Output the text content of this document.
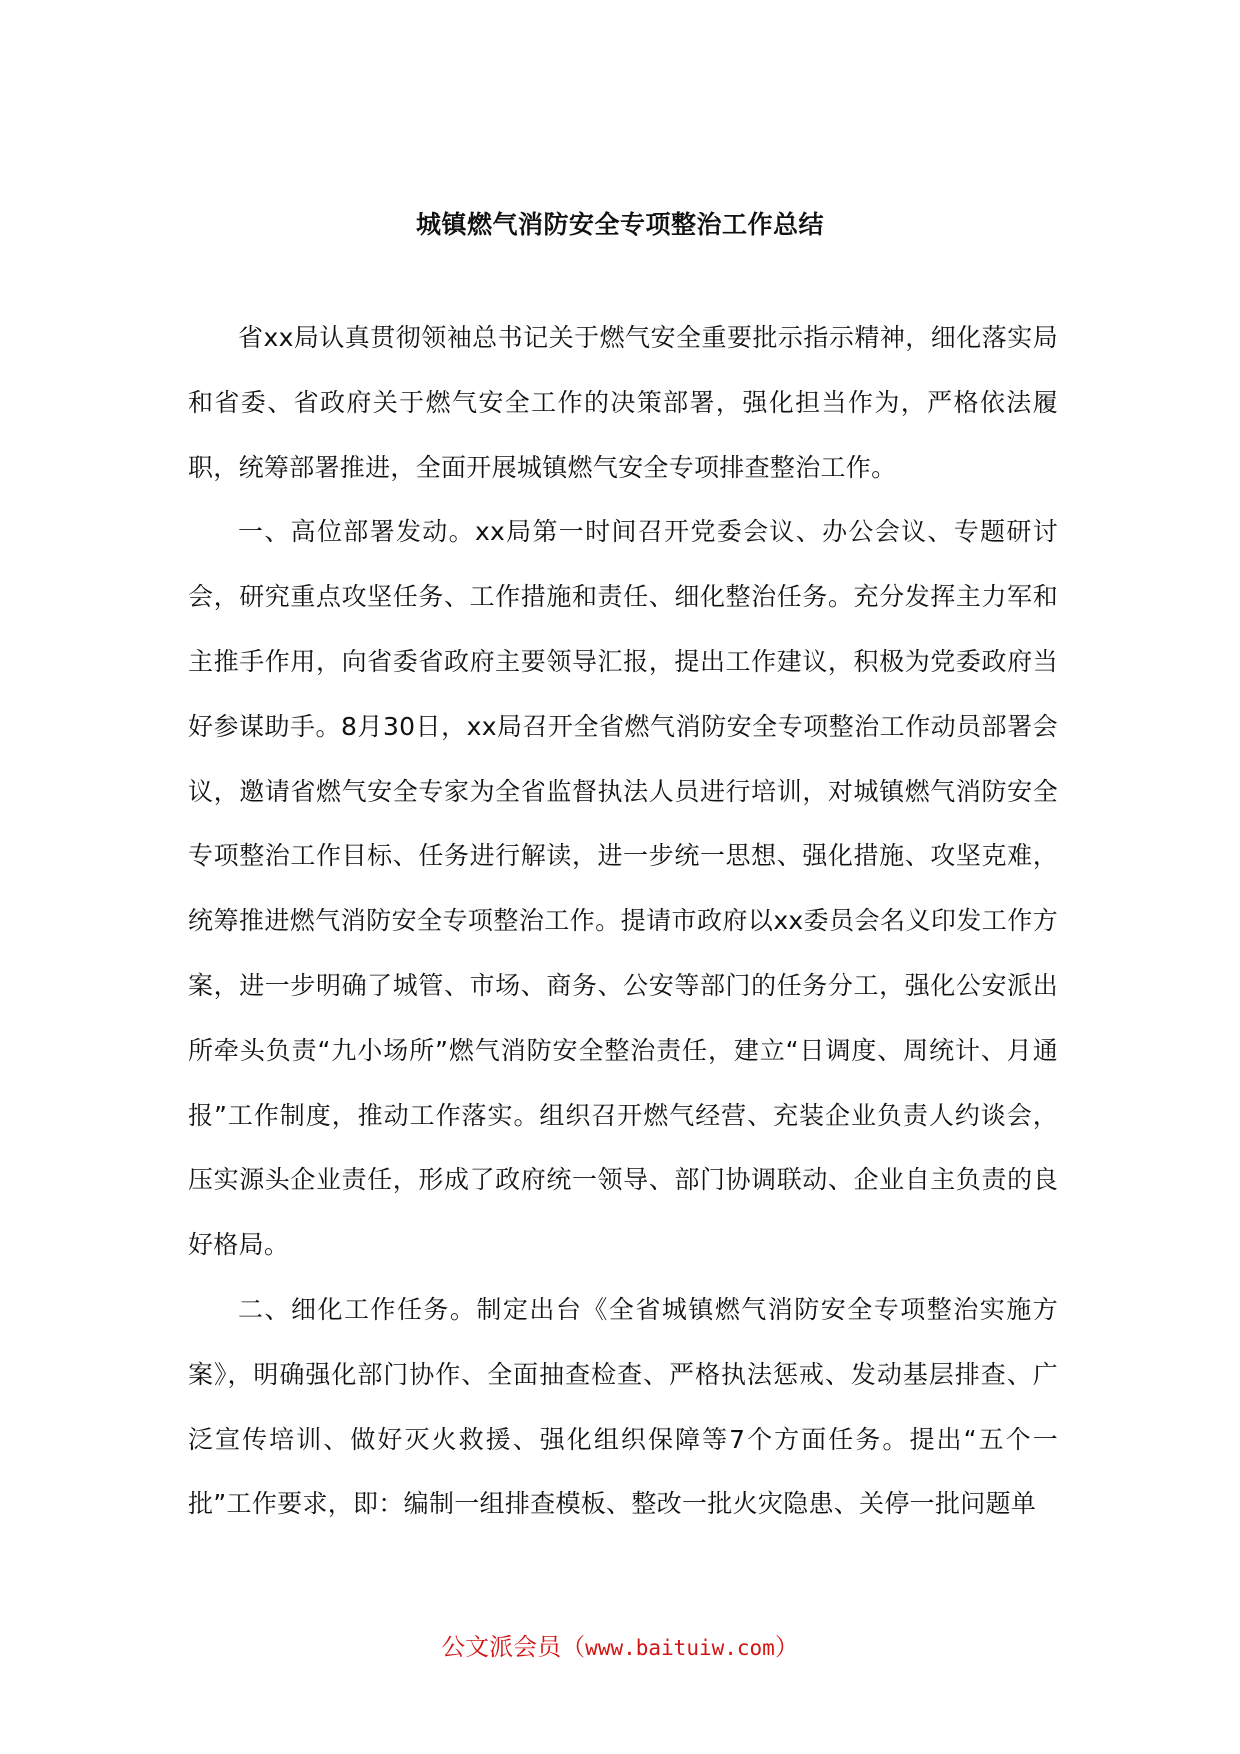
城镇燃气消防安全专项整治工作总结

省xx局认真贯彻领袖总书记关于燃气安全重要批示指示精神，细化落实局和省委、省政府关于燃气安全工作的决策部署，强化担当作为，严格依法履职，统筹部署推进，全面开展城镇燃气安全专项排查整治工作。

一、高位部署发动。xx局第一时间召开党委会议、办公会议、专题研讨会，研究重点攻坚任务、工作措施和责任、细化整治任务。充分发挥主力军和主推手作用，向省委省政府主要领导汇报，提出工作建议，积极为党委政府当好参谋助手。8月30日，xx局召开全省燃气消防安全专项整治工作动员部署会议，邀请省燃气安全专家为全省监督执法人员进行培训，对城镇燃气消防安全专项整治工作目标、任务进行解读，进一步统一思想、强化措施、攻坚克难，统筹推进燃气消防安全专项整治工作。提请市政府以xx委员会名义印发工作方案，进一步明确了城管、市场、商务、公安等部门的任务分工，强化公安派出所牵头负责“九小场所”燃气消防安全整治责任，建立“日调度、周统计、月通报”工作制度，推动工作落实。组织召开燃气经营、充装企业负责人约谈会，压实源头企业责任，形成了政府统一领导、部门协调联动、企业自主负责的良好格局。

二、细化工作任务。制定出台《全省城镇燃气消防安全专项整治实施方案》，明确强化部门协作、全面抽查检查、严格执法惩戒、发动基层排查、广泛宣传培训、做好灭火救援、强化组织保障等7个方面任务。提出“五个一批”工作要求，即：编制一组排查模板、整改一批火灾隐患、关停一批问题单

公文派会员（www.baituiw.com）
